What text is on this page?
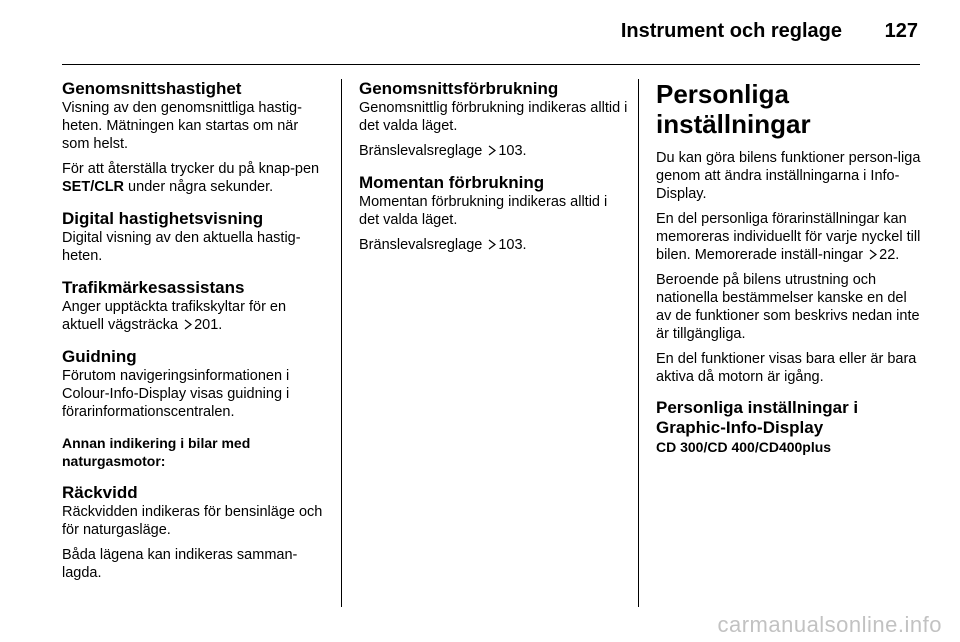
Instrument och reglage 127
Genomsnittshastighet

Visning av den genomsnittliga hastig-heten. Mätningen kan startas om när som helst.

För att återställa trycker du på knap-pen SET/CLR under några sekunder.

Digital hastighetsvisning

Digital visning av den aktuella hastig-heten.

Trafikmärkesassistans

Anger upptäckta trafikskyltar för en aktuell vägsträcka 201.

Guidning

Förutom navigeringsinformationen i Colour-Info-Display visas guidning i förarinformationscentralen.

Annan indikering i bilar med naturgasmotor:

Räckvidd

Räckvidden indikeras för bensinläge och för naturgasläge.

Båda lägena kan indikeras samman-lagda.

Genomsnittsförbrukning

Genomsnittlig förbrukning indikeras alltid i det valda läget.

Bränslevalsreglage 103.

Momentan förbrukning

Momentan förbrukning indikeras alltid i det valda läget.

Bränslevalsreglage 103.

Personliga inställningar

Du kan göra bilens funktioner person-liga genom att ändra inställningarna i Info-Display.

En del personliga förarinställningar kan memoreras individuellt för varje nyckel till bilen. Memorerade inställ-ningar 22.

Beroende på bilens utrustning och nationella bestämmelser kanske en del av de funktioner som beskrivs nedan inte är tillgängliga.

En del funktioner visas bara eller är bara aktiva då motorn är igång.

Personliga inställningar i Graphic-Info-Display

CD 300/CD 400/CD400plus

carmanualsonline.info
